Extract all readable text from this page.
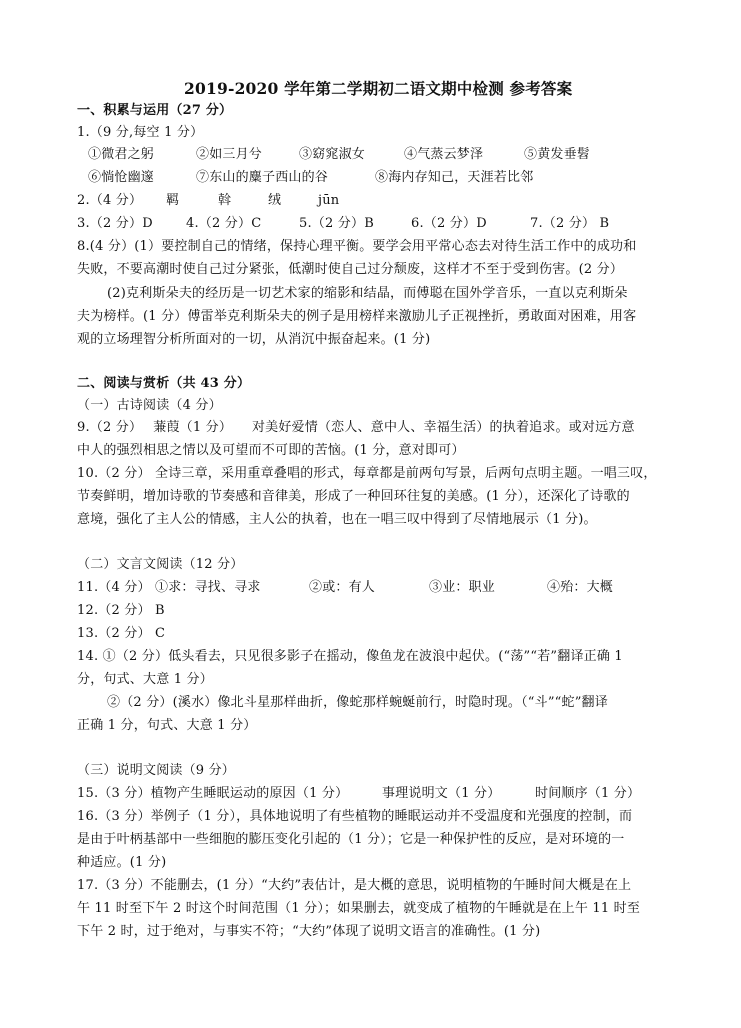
2019-2020 学年第二学期初二语文期中检测 参考答案
一、积累与运用（27 分）
1.（9 分,每空 1 分）
①微君之躬	②如三月兮	③窈窕淑女	④气蒸云梦泽	⑤黄发垂髫
⑥惝怆幽邃	⑦东山的麋子西山的谷	⑧海内存知己，天涯若比邻
2.（4 分） 羁	斡	绒	jūn
3.（2 分）D	4.（2 分）C	5.（2 分）B	6.（2 分）D	7.（2 分） B
8.(4 分）(1）要控制自己的情绪，保持心理平衡。要学会用平常心态去对待生活工作中的成功和
失败，不要高潮时使自己过分紧张，低潮时使自己过分颓废，这样才不至于受到伤害。(2 分）
(2)克利斯朵夫的经历是一切艺术家的缩影和结晶，而傅聪在国外学音乐，一直以克利斯朵
夫为榜样。(1 分）傅雷举克利斯朵夫的例子是用榜样来激励儿子正视挫折，勇敢面对困难，用客
观的立场理智分析所面对的一切，从消沉中振奋起来。(1 分)
二、阅读与赏析（共 43 分）
（一）古诗阅读（4 分）
9.（2 分）　 蒹葭（1 分）　　对美好爱情（恋人、意中人、幸福生活）的执着追求。或对远方意
中人的强烈相思之情以及可望而不可即的苦恼。(1 分，意对即可）
10.（2 分） 全诗三章，采用重章叠唱的形式，每章都是前两句写景，后两句点明主题。一唱三叹，
节奏鲜明，增加诗歌的节奏感和音律美，形成了一种回环往复的美感。(1 分），还深化了诗歌的
意境，强化了主人公的情感，主人公的执着，也在一唱三叹中得到了尽情地展示（1 分)。
（二）文言文阅读（12 分）
11.（4 分） ①求：寻找、寻求	②或：有人	③业：职业	④殆：大概
12.（2 分） B
13.（2 分） C
14. ①（2 分）低头看去，只见很多影子在摇动，像鱼龙在波浪中起伏。(“荡”“若”翻译正确 1
分，句式、大意 1 分）
②（2 分）(溪水）像北斗星那样曲折，像蛇那样蜿蜒前行，时隐时现。（“斗”“蛇”翻译
正确 1 分，句式、大意 1 分）
（三）说明文阅读（9 分）
15.（3 分）植物产生睡眠运动的原因（1 分）	事理说明文（1 分）	时间顺序（1 分）
16.（3 分）举例子（1 分），具体地说明了有些植物的睡眠运动并不受温度和光强度的控制，而
是由于叶柄基部中一些细胞的膨压变化引起的（1 分）；它是一种保护性的反应，是对环境的一
种适应。(1 分)
17.（3 分）不能删去，(1 分）“大约”表估计，是大概的意思，说明植物的午睡时间大概是在上
午 11 时至下午 2 时这个时间范围（1 分）；如果删去，就变成了植物的午睡就是在上午 11 时至
下午 2 时，过于绝对，与事实不符；“大约”体现了说明文语言的准确性。(1 分)
